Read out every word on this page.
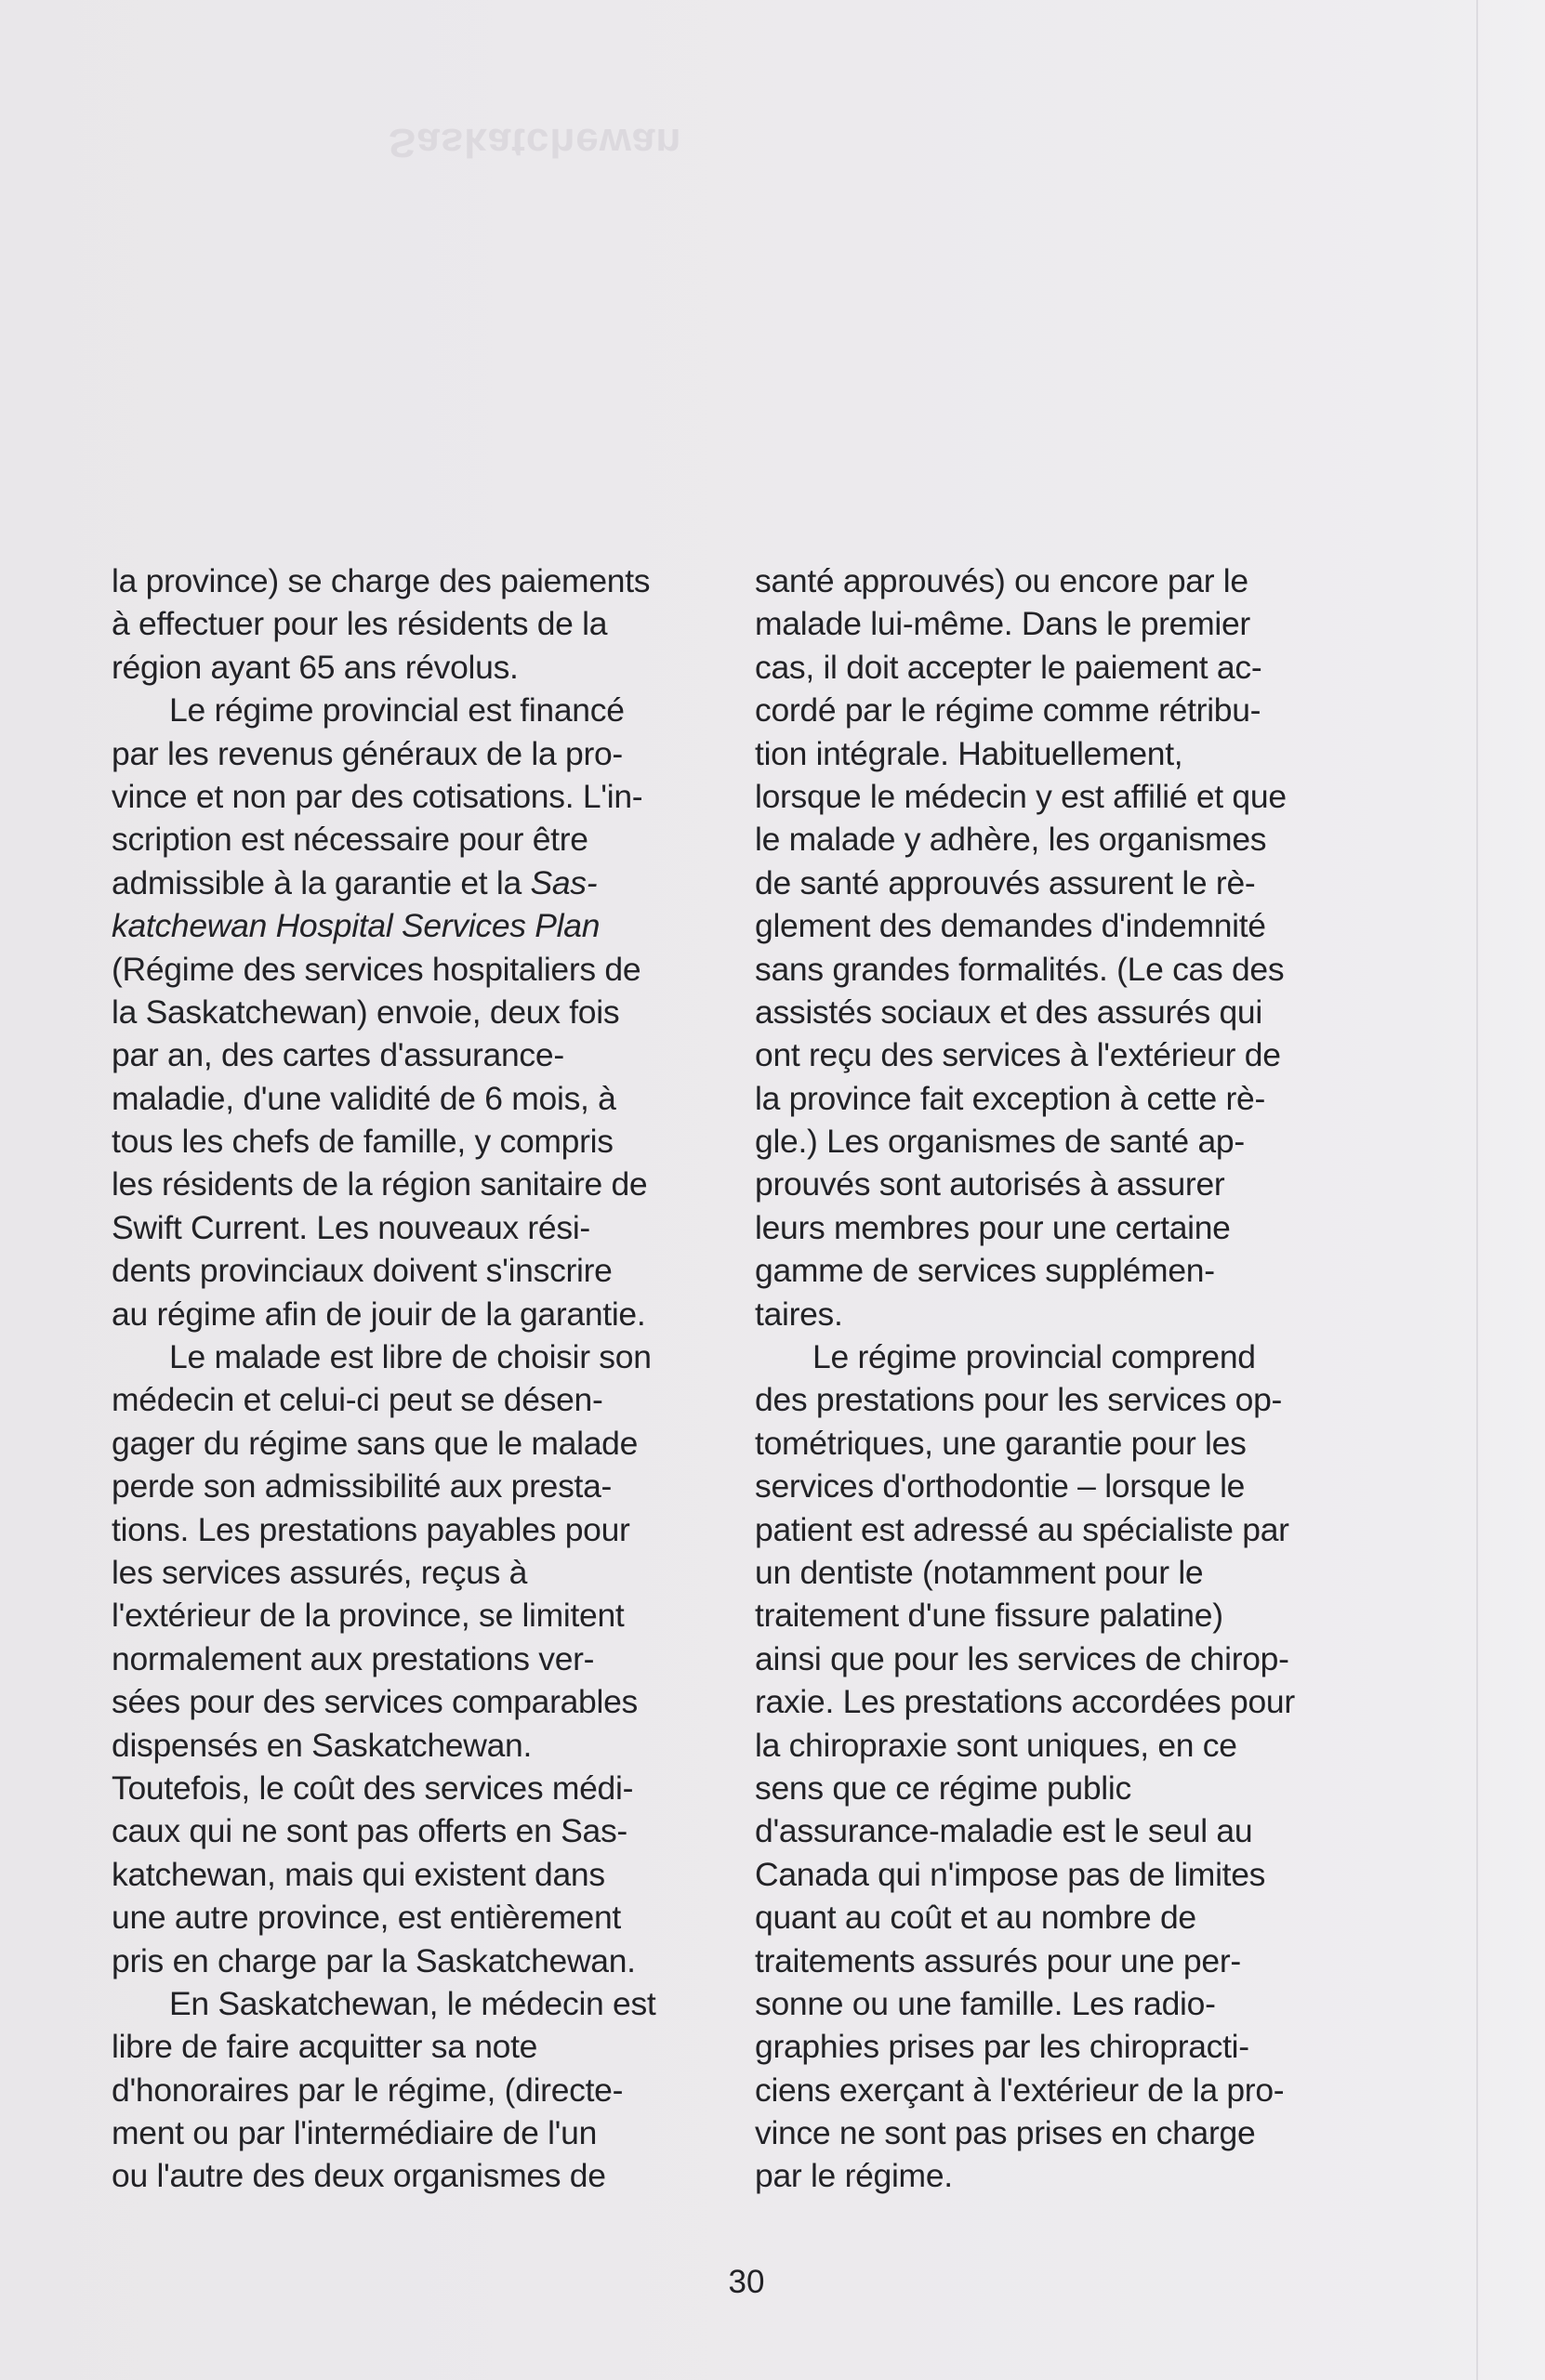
Saskatchewan
la province) se charge des paiements
à effectuer pour les résidents de la
région ayant 65 ans révolus.
Le régime provincial est financé
par les revenus généraux de la pro-
vince et non par des cotisations. L'in-
scription est nécessaire pour être
admissible à la garantie et la Sas-
katchewan Hospital Services Plan
(Régime des services hospitaliers de
la Saskatchewan) envoie, deux fois
par an, des cartes d'assurance-
maladie, d'une validité de 6 mois, à
tous les chefs de famille, y compris
les résidents de la région sanitaire de
Swift Current. Les nouveaux rési-
dents provinciaux doivent s'inscrire
au régime afin de jouir de la garantie.
Le malade est libre de choisir son
médecin et celui-ci peut se désen-
gager du régime sans que le malade
perde son admissibilité aux presta-
tions. Les prestations payables pour
les services assurés, reçus à
l'extérieur de la province, se limitent
normalement aux prestations ver-
sées pour des services comparables
dispensés en Saskatchewan.
Toutefois, le coût des services médi-
caux qui ne sont pas offerts en Sas-
katchewan, mais qui existent dans
une autre province, est entièrement
pris en charge par la Saskatchewan.
En Saskatchewan, le médecin est
libre de faire acquitter sa note
d'honoraires par le régime, (directe-
ment ou par l'intermédiaire de l'un
ou l'autre des deux organismes de
santé approuvés) ou encore par le
malade lui-même. Dans le premier
cas, il doit accepter le paiement ac-
cordé par le régime comme rétribu-
tion intégrale. Habituellement,
lorsque le médecin y est affilié et que
le malade y adhère, les organismes
de santé approuvés assurent le rè-
glement des demandes d'indemnité
sans grandes formalités. (Le cas des
assistés sociaux et des assurés qui
ont reçu des services à l'extérieur de
la province fait exception à cette rè-
gle.) Les organismes de santé ap-
prouvés sont autorisés à assurer
leurs membres pour une certaine
gamme de services supplémen-
taires.
Le régime provincial comprend
des prestations pour les services op-
tométriques, une garantie pour les
services d'orthodontie – lorsque le
patient est adressé au spécialiste par
un dentiste (notamment pour le
traitement d'une fissure palatine)
ainsi que pour les services de chirop-
raxie. Les prestations accordées pour
la chiropraxie sont uniques, en ce
sens que ce régime public
d'assurance-maladie est le seul au
Canada qui n'impose pas de limites
quant au coût et au nombre de
traitements assurés pour une per-
sonne ou une famille. Les radio-
graphies prises par les chiropracti-
ciens exerçant à l'extérieur de la pro-
vince ne sont pas prises en charge
par le régime.
30
